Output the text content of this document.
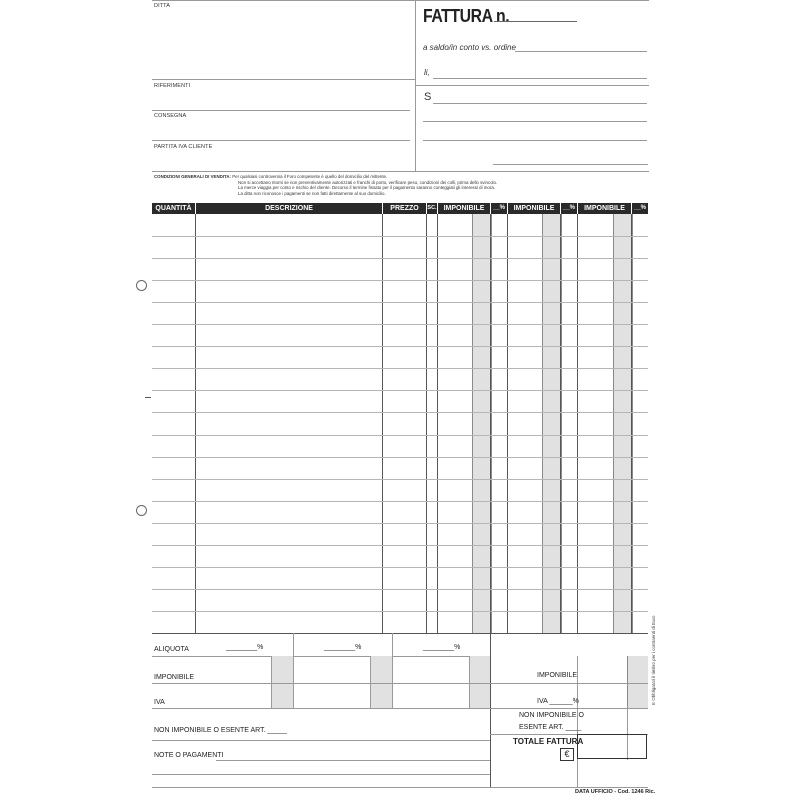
DITTA
RIFERIMENTI
CONSEGNA
PARTITA IVA CLIENTE
FATTURA n.
a saldo/in conto vs. ordine
li,
S
CONDIZIONI GENERALI DI VENDITA: Per qualsiasi controversia il Foro competente è quello del domicilio del mittente.
Non si accettano ritorni se non preventivamente autorizzati e franchi di porto, verificare peso, condizioni dei colli, prima dello svincolo.
La merce viaggia per conto e rischio del cliente. Decorso il termine fissato per il pagamento saranno conteggiati gli interessi di mora.
La ditta non riconosce i pagamenti se non fatti direttamente al suo domicilio.
QUANTITÀ	DESCRIZIONE	PREZZO	SC.	IMPONIBILE	__%	IMPONIBILE	__%	IMPONIBILE	__%
ALIQUOTA	________%	________%	________%
IMPONIBILE
IVA
NON IMPONIBILE O ESENTE ART. _____
NOTE O PAGAMENTI
IMPONIBILE
IVA ______%
NON IMPONIBILE O
ESENTE ART. ____
TOTALE FATTURA
€
DATA UFFICIO - Cod. 1246 Ric.
E Obbligatori il timbro per i contraenti di Euro
